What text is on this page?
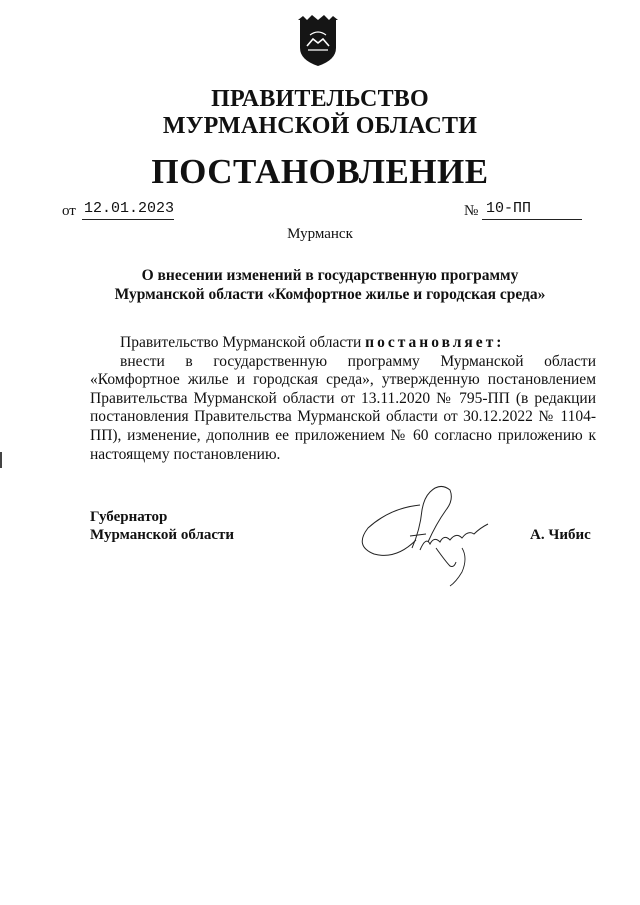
ПРАВИТЕЛЬСТВО
МУРМАНСКОЙ ОБЛАСТИ
ПОСТАНОВЛЕНИЕ
от 12.01.2023	№ 10-ПП
Мурманск
О внесении изменений в государственную программу
Мурманской области «Комфортное жилье и городская среда»

Правительство Мурманской области постановляет:

внести в государственную программу Мурманской области «Комфортное жилье и городская среда», утвержденную постановлением Правительства Мурманской области от 13.11.2020 № 795-ПП (в редакции постановления Правительства Мурманской области от 30.12.2022 № 1104-ПП), изменение, дополнив ее приложением № 60 согласно приложению к настоящему постановлению.

Губернатор
Мурманской области	А. Чибис
